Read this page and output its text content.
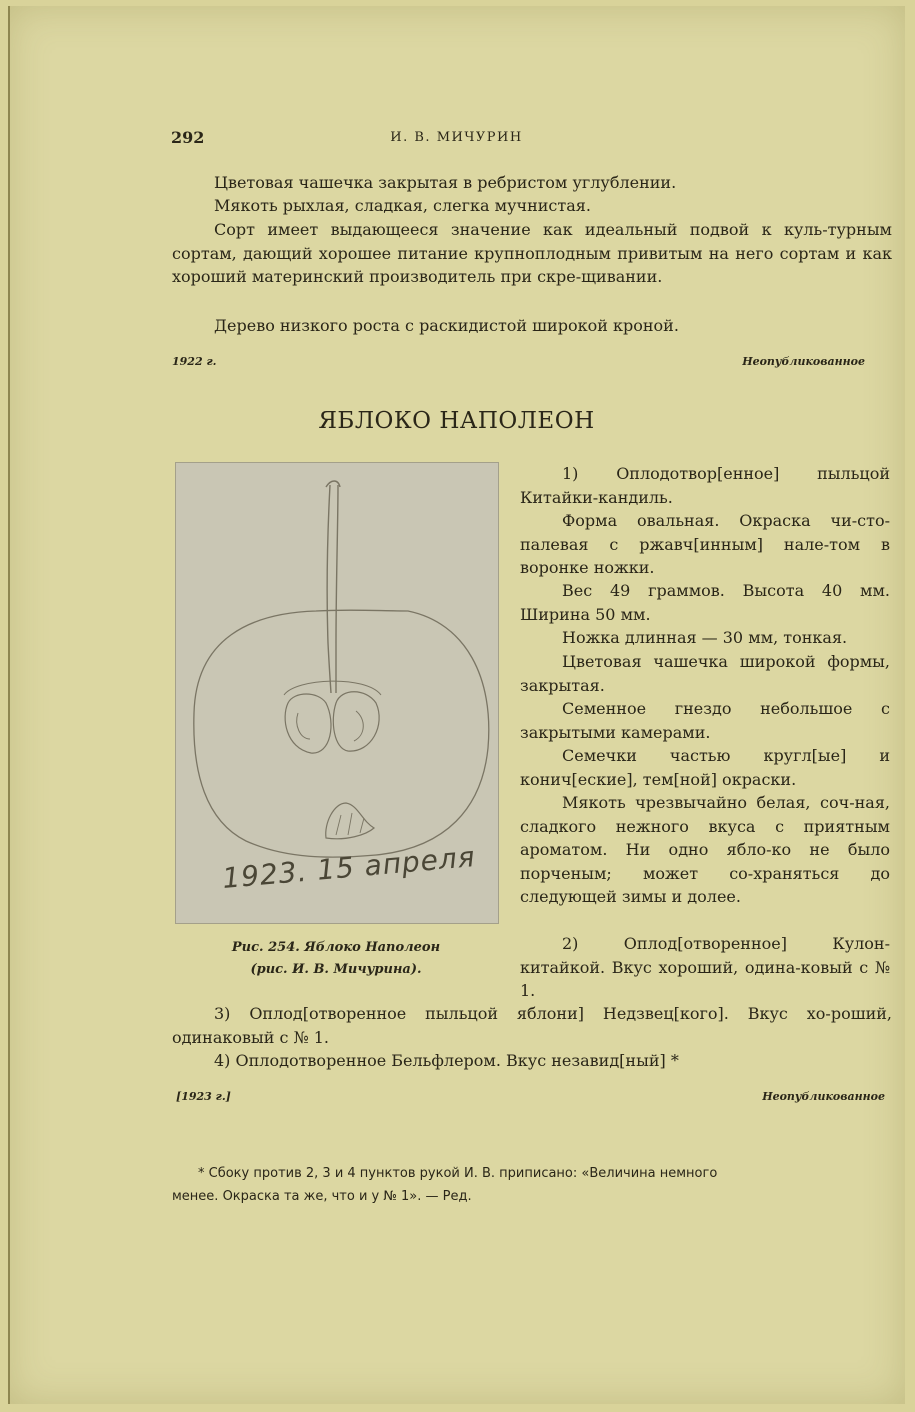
292	И. В. МИЧУРИН

Цветовая чашечка закрытая в ребристом углублении.

Мякоть рыхлая, сладкая, слегка мучнистая.

Сорт имеет выдающееся значение как идеальный подвой к куль-турным сортам, дающий хорошее питание крупноплодным привитым на него сортам и как хороший материнский производитель при скре-щивании.

Дерево низкого роста с раскидистой широкой кроной.

1922 г.	Неопубликованное
ЯБЛОКО НАПОЛЕОН
1923. 15 апреля
Рис. 254. Яблоко Наполеон
(рис. И. В. Мичурина).

1) Оплодотвор[енное] пыльцой Китайки-кандиль.

Форма овальная. Окраска чи-сто-палевая с ржавч[инным] нале-том в воронке ножки.

Вес 49 граммов. Высота 40 мм. Ширина 50 мм.

Ножка длинная — 30 мм, тонкая.

Цветовая чашечка широкой формы, закрытая.

Семенное гнездо небольшое с закрытыми камерами.

Семечки частью кругл[ые] и конич[еские], тем[ной] окраски.

Мякоть чрезвычайно белая, соч-ная, сладкого нежного вкуса с приятным ароматом. Ни одно ябло-ко не было порченым; может со-храняться до следующей зимы и долее.

2) Оплод[отворенное] Кулон-китайкой. Вкус хороший, одина-ковый с № 1.

3) Оплод[отворенное пыльцой яблони] Недзвец[кого]. Вкус хо-роший, одинаковый с № 1.

4) Оплодотворенное Бельфлером. Вкус незавид[ный] *

[1923 г.]	Неопубликованное
* Сбоку против 2, 3 и 4 пунктов рукой И. В. приписано: «Величина немного
менее. Окраска та же, что и у № 1». — Ред.
